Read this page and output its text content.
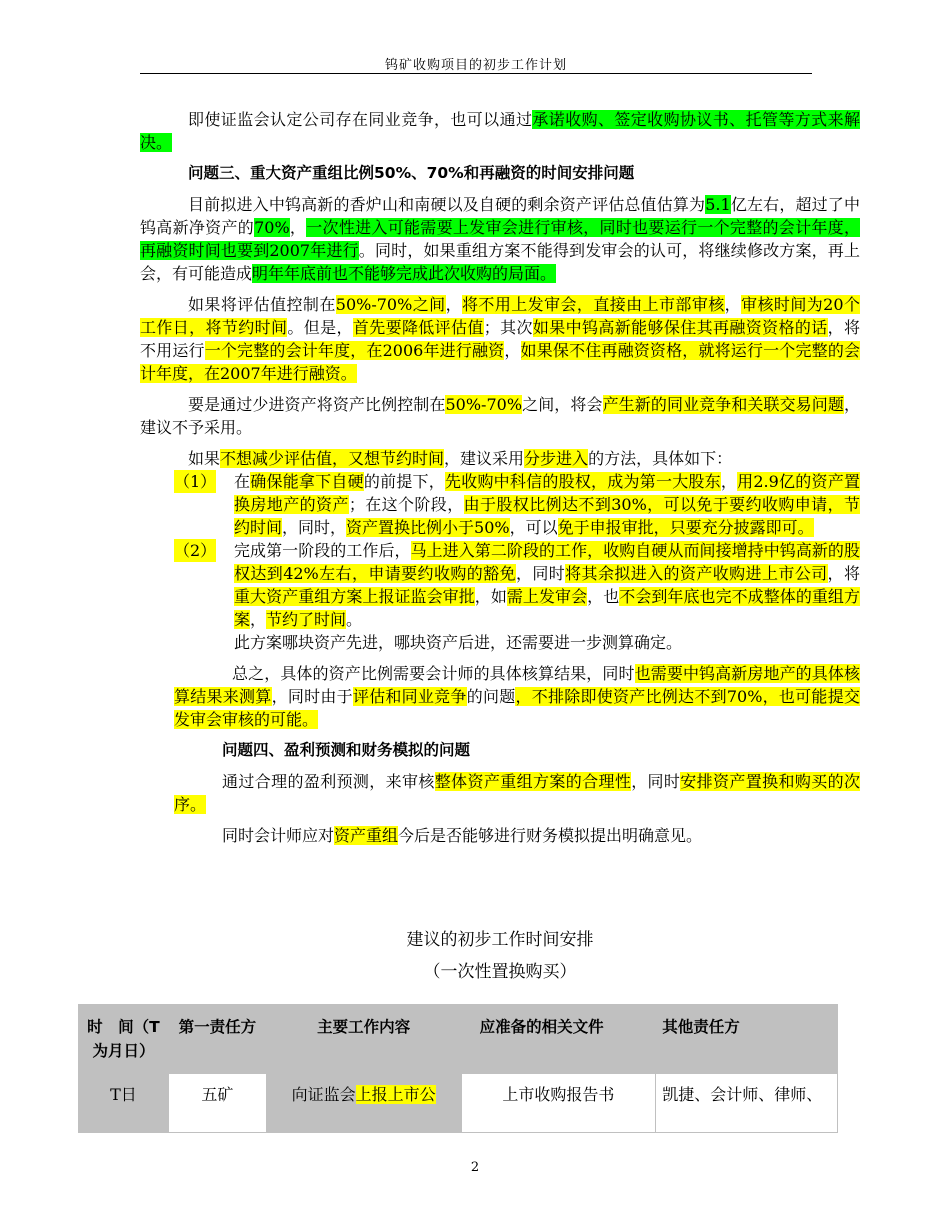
钨矿收购项目的初步工作计划

即使证监会认定公司存在同业竞争，也可以通过承诺收购、签定收购协议书、托管等方式来解决。

问题三、重大资产重组比例50%、70%和再融资的时间安排问题

目前拟进入中钨高新的香炉山和南硬以及自硬的剩余资产评估总值估算为5.1亿左右，超过了中钨高新净资产的70%，一次性进入可能需要上发审会进行审核，同时也要运行一个完整的会计年度，再融资时间也要到2007年进行。同时，如果重组方案不能得到发审会的认可，将继续修改方案，再上会，有可能造成明年年底前也不能够完成此次收购的局面。

如果将评估值控制在50%-70%之间，将不用上发审会，直接由上市部审核，审核时间为20个工作日，将节约时间。但是，首先要降低评估值；其次如果中钨高新能够保住其再融资资格的话，将不用运行一个完整的会计年度，在2006年进行融资，如果保不住再融资资格，就将运行一个完整的会计年度，在2007年进行融资。

要是通过少进资产将资产比例控制在50%-70%之间，将会产生新的同业竞争和关联交易问题，建议不予采用。

如果不想减少评估值，又想节约时间，建议采用分步进入的方法，具体如下：

（1） 在确保能拿下自硬的前提下，先收购中科信的股权，成为第一大股东，用2.9亿的资产置换房地产的资产；在这个阶段，由于股权比例达不到30%，可以免于要约收购申请，节约时间，同时，资产置换比例小于50%，可以免于申报审批，只要充分披露即可。

（2） 完成第一阶段的工作后，马上进入第二阶段的工作，收购自硬从而间接增持中钨高新的股权达到42%左右，申请要约收购的豁免，同时将其余拟进入的资产收购进上市公司，将重大资产重组方案上报证监会审批，如需上发审会，也不会到年底也完不成整体的重组方案，节约了时间。

此方案哪块资产先进，哪块资产后进，还需要进一步测算确定。

总之，具体的资产比例需要会计师的具体核算结果，同时也需要中钨高新房地产的具体核算结果来测算，同时由于评估和同业竞争的问题，不排除即使资产比例达不到70%，也可能提交发审会审核的可能。

问题四、盈利预测和财务模拟的问题

通过合理的盈利预测，来审核整体资产重组方案的合理性，同时安排资产置换和购买的次序。

同时会计师应对资产重组今后是否能够进行财务模拟提出明确意见。

建议的初步工作时间安排
（一次性置换购买）
时　间（T为月日）	第一责任方	主要工作内容	应准备的相关文件	其他责任方
T日	五矿	向证监会上报上市公	上市收购报告书	凯捷、会计师、律师、
2
